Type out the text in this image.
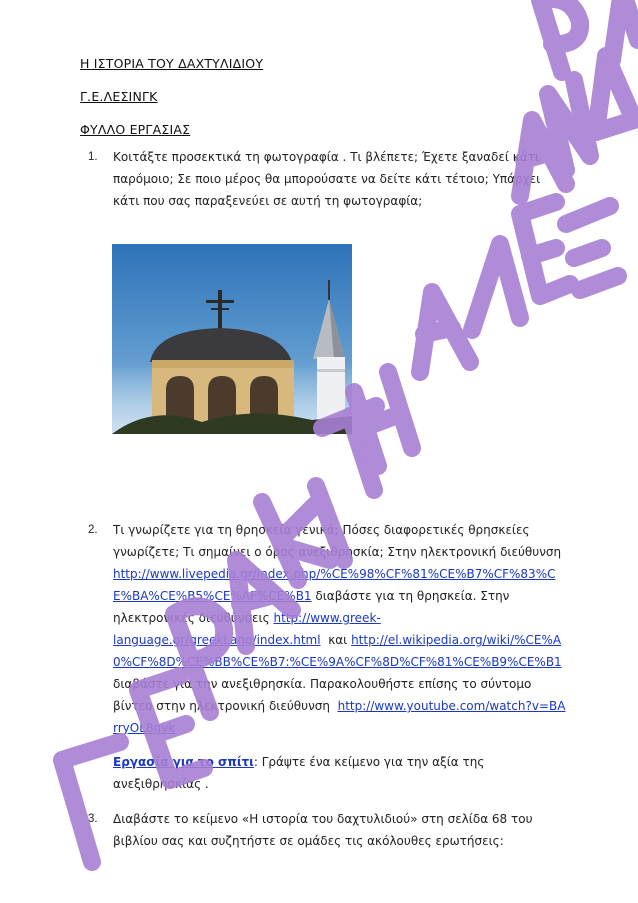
Η ΙΣΤΟΡΙΑ ΤΟΥ ΔΑΧΤΥΛΙΔΙΟΥ

Γ.Ε.ΛΕΣΙΝΓΚ

ΦΥΛΛΟ ΕΡΓΑΣΙΑΣ

1. Κοιτάξτε προσεκτικά τη φωτογραφία . Τι βλέπετε; Έχετε ξαναδεί κάτι παρόμοιο; Σε ποιο μέρος θα μπορούσατε να δείτε κάτι τέτοιο; Υπάρχει κάτι που σας παραξενεύει σε αυτή τη φωτογραφία;
2. Τι γνωρίζετε για τη θρησκεία γενικά; Πόσες διαφορετικές θρησκείες γνωρίζετε; Τι σημαίνει ο όρος ανεξιθρησκία; Στην ηλεκτρονική διεύθυνση http://www.livepedia.gr/index.php/%CE%98%CF%81%CE%B7%CF%83%CE%BA%CE%B5%CE%AF%CE%B1 διαβάστε για τη θρησκεία. Στην ηλεκτρονικές διευθύνσεις http://www.greek-language.gr/greekLang/index.html  και http://el.wikipedia.org/wiki/%CE%A0%CF%8D%CE%BB%CE%B7:%CE%9A%CF%8D%CF%81%CE%B9%CE%B1 διαβάστε για την ανεξιθρησκία. Παρακολουθήστε επίσης το σύντομο βίντεο στην ηλεκτρονική διεύθυνση  http://www.youtube.com/watch?v=BArryOL8gvk
Εργασία για το σπίτι: Γράψτε ένα κείμενο για την αξία της ανεξιθρησκίας .
3. Διαβάστε το κείμενο «Η ιστορία του δαχτυλιδιού» στη σελίδα 68 του βιβλίου σας και συζητήστε σε ομάδες τις ακόλουθες ερωτήσεις:
